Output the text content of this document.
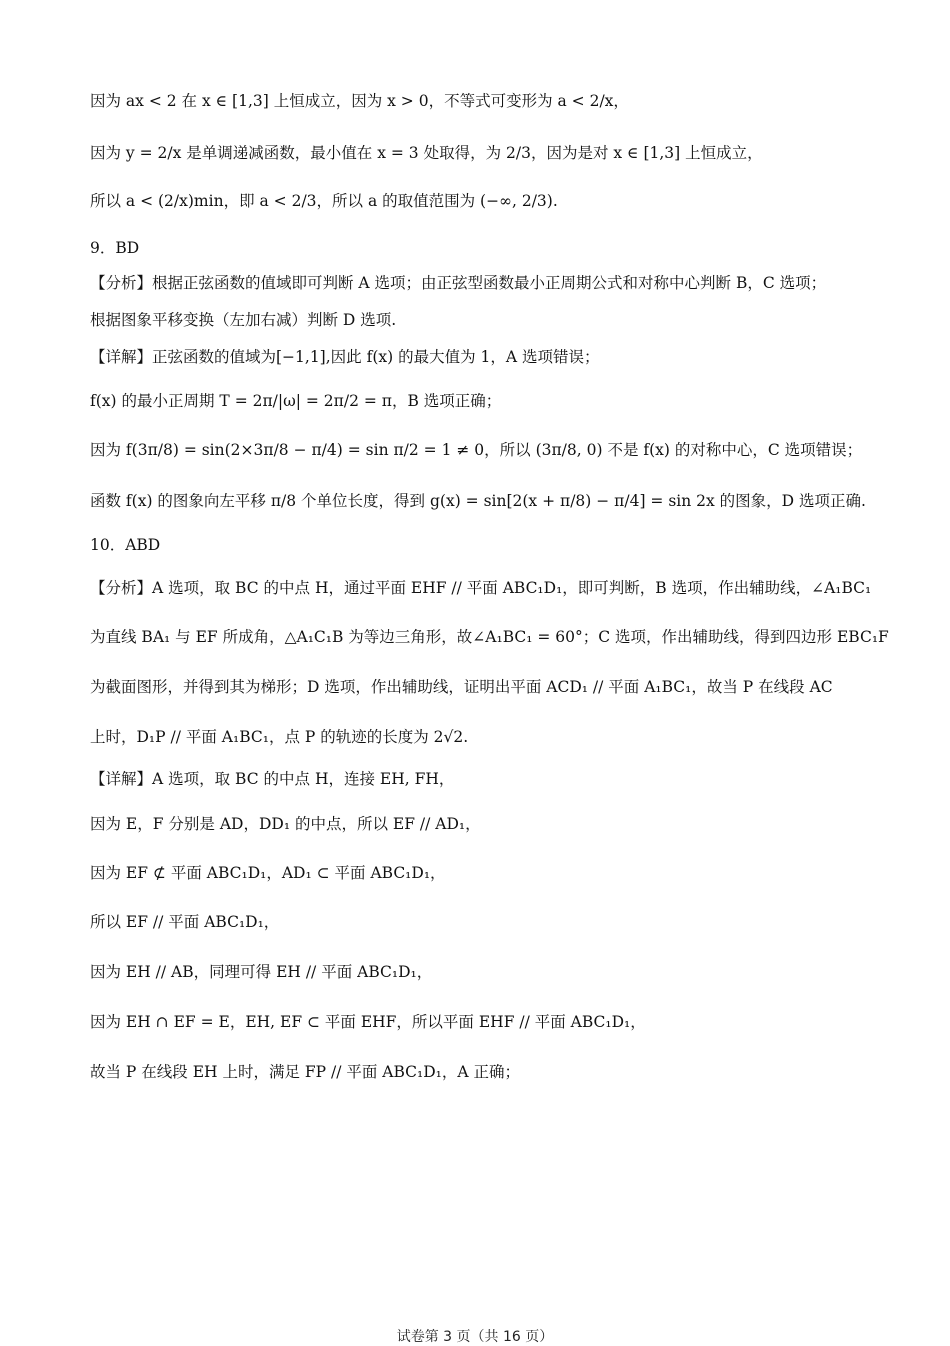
因为 ax < 2 在 x ∈ [1,3] 上恒成立，因为 x > 0，不等式可变形为 a < 2/x，
因为 y = 2/x 是单调递减函数，最小值在 x = 3 处取得，为 2/3，因为是对 x ∈ [1,3] 上恒成立，
所以 a < (2/x)min，即 a < 2/3，所以 a 的取值范围为 (−∞, 2/3).
9．BD
【分析】根据正弦函数的值域即可判断 A 选项；由正弦型函数最小正周期公式和对称中心判断 B，C 选项；
根据图象平移变换（左加右减）判断 D 选项.
【详解】正弦函数的值域为[−1,1],因此 f(x) 的最大值为 1，A 选项错误；
f(x) 的最小正周期 T = 2π/|ω| = 2π/2 = π，B 选项正确；
因为 f(3π/8) = sin(2×3π/8 − π/4) = sin π/2 = 1 ≠ 0，所以 (3π/8, 0) 不是 f(x) 的对称中心，C 选项错误；
函数 f(x) 的图象向左平移 π/8 个单位长度，得到 g(x) = sin[2(x + π/8) − π/4] = sin 2x 的图象，D 选项正确.
10．ABD
【分析】A 选项，取 BC 的中点 H，通过平面 EHF // 平面 ABC₁D₁，即可判断，B 选项，作出辅助线，∠A₁BC₁
为直线 BA₁ 与 EF 所成角，△A₁C₁B 为等边三角形，故∠A₁BC₁ = 60°；C 选项，作出辅助线，得到四边形 EBC₁F
为截面图形，并得到其为梯形；D 选项，作出辅助线，证明出平面 ACD₁ // 平面 A₁BC₁，故当 P 在线段 AC
上时，D₁P // 平面 A₁BC₁，点 P 的轨迹的长度为 2√2.
【详解】A 选项，取 BC 的中点 H，连接 EH, FH，
因为 E，F 分别是 AD，DD₁ 的中点，所以 EF // AD₁，
因为 EF ⊄ 平面 ABC₁D₁，AD₁ ⊂ 平面 ABC₁D₁，
所以 EF // 平面 ABC₁D₁，
因为 EH // AB，同理可得 EH // 平面 ABC₁D₁，
因为 EH ∩ EF = E，EH, EF ⊂ 平面 EHF，所以平面 EHF // 平面 ABC₁D₁，
故当 P 在线段 EH 上时，满足 FP // 平面 ABC₁D₁，A 正确；
试卷第 3 页（共 16 页）
